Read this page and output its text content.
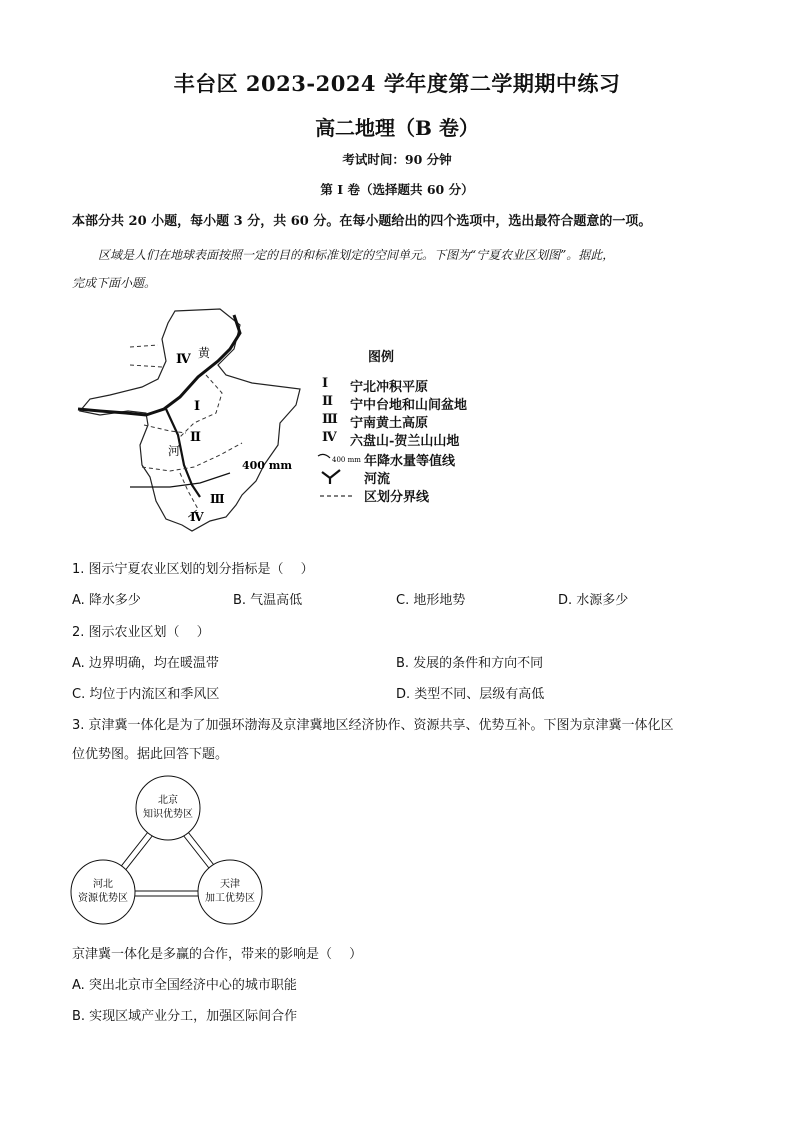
丰台区 2023-2024 学年度第二学期期中练习
高二地理（B 卷）
考试时间：90 分钟
第 I 卷（选择题共 60 分）
本部分共 20 小题，每小题 3 分，共 60 分。在每小题给出的四个选项中，选出最符合题意的一项。
区域是人们在地球表面按照一定的目的和标准划定的空间单元。下图为“宁夏农业区划图”。据此，
完成下面小题。
Ⅳ 黄
Ⅰ
Ⅱ
河
400 mm
Ⅲ
Ⅳ
图例
Ⅰ 宁北冲积平原
Ⅱ 宁中台地和山间盆地
Ⅲ 宁南黄土高原
Ⅳ 六盘山-贺兰山山地
400 mm 年降水量等值线
河流
区划分界线
1. 图示宁夏农业区划的划分指标是（　 ）
A. 降水多少	B. 气温高低	C. 地形地势	D. 水源多少
2. 图示农业区划（　 ）
A. 边界明确，均在暖温带	B. 发展的条件和方向不同
C. 均位于内流区和季风区	D. 类型不同、层级有高低
3. 京津冀一体化是为了加强环渤海及京津冀地区经济协作、资源共享、优势互补。下图为京津冀一体化区
位优势图。据此回答下题。
北京
知识优势区
河北
资源优势区
天津
加工优势区
京津冀一体化是多赢的合作，带来的影响是（　 ）
A. 突出北京市全国经济中心的城市职能
B. 实现区域产业分工，加强区际间合作
